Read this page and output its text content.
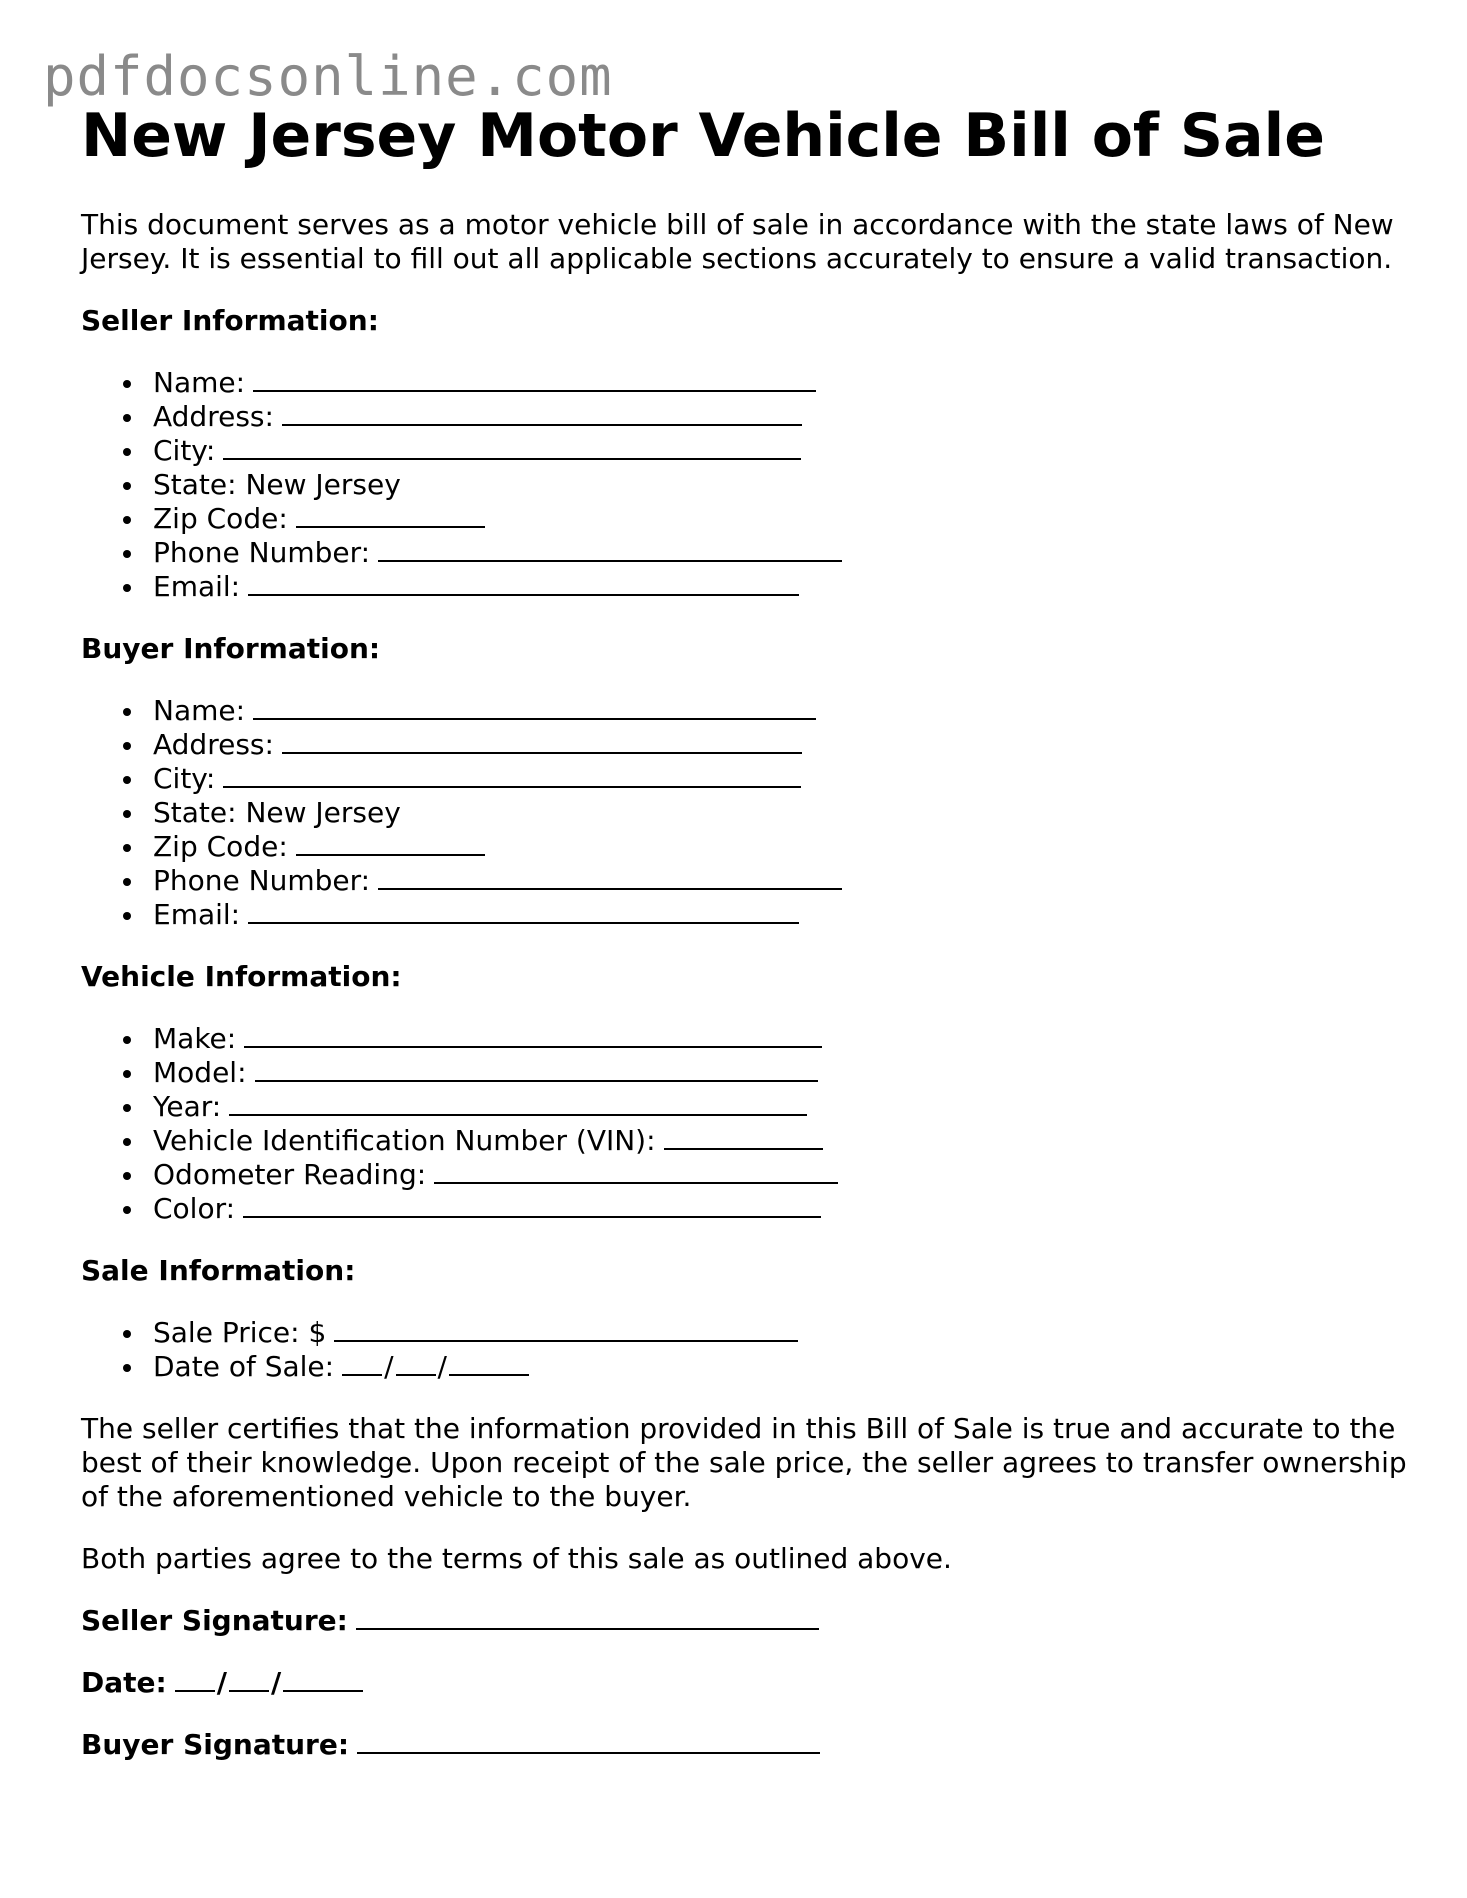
pdfdocsonline.com
New Jersey Motor Vehicle Bill of Sale

This document serves as a motor vehicle bill of sale in accordance with the state laws of New Jersey. It is essential to fill out all applicable sections accurately to ensure a valid transaction.

Seller Information:
Name:
Address:
City:
State: New Jersey
Zip Code:
Phone Number:
Email:
Buyer Information:
Name:
Address:
City:
State: New Jersey
Zip Code:
Phone Number:
Email:
Vehicle Information:
Make:
Model:
Year:
Vehicle Identification Number (VIN):
Odometer Reading:
Color:
Sale Information:
Sale Price: $
Date of Sale: / /

The seller certifies that the information provided in this Bill of Sale is true and accurate to the best of their knowledge. Upon receipt of the sale price, the seller agrees to transfer ownership of the aforementioned vehicle to the buyer.

Both parties agree to the terms of this sale as outlined above.

Seller Signature:
Date: / /
Buyer Signature:
